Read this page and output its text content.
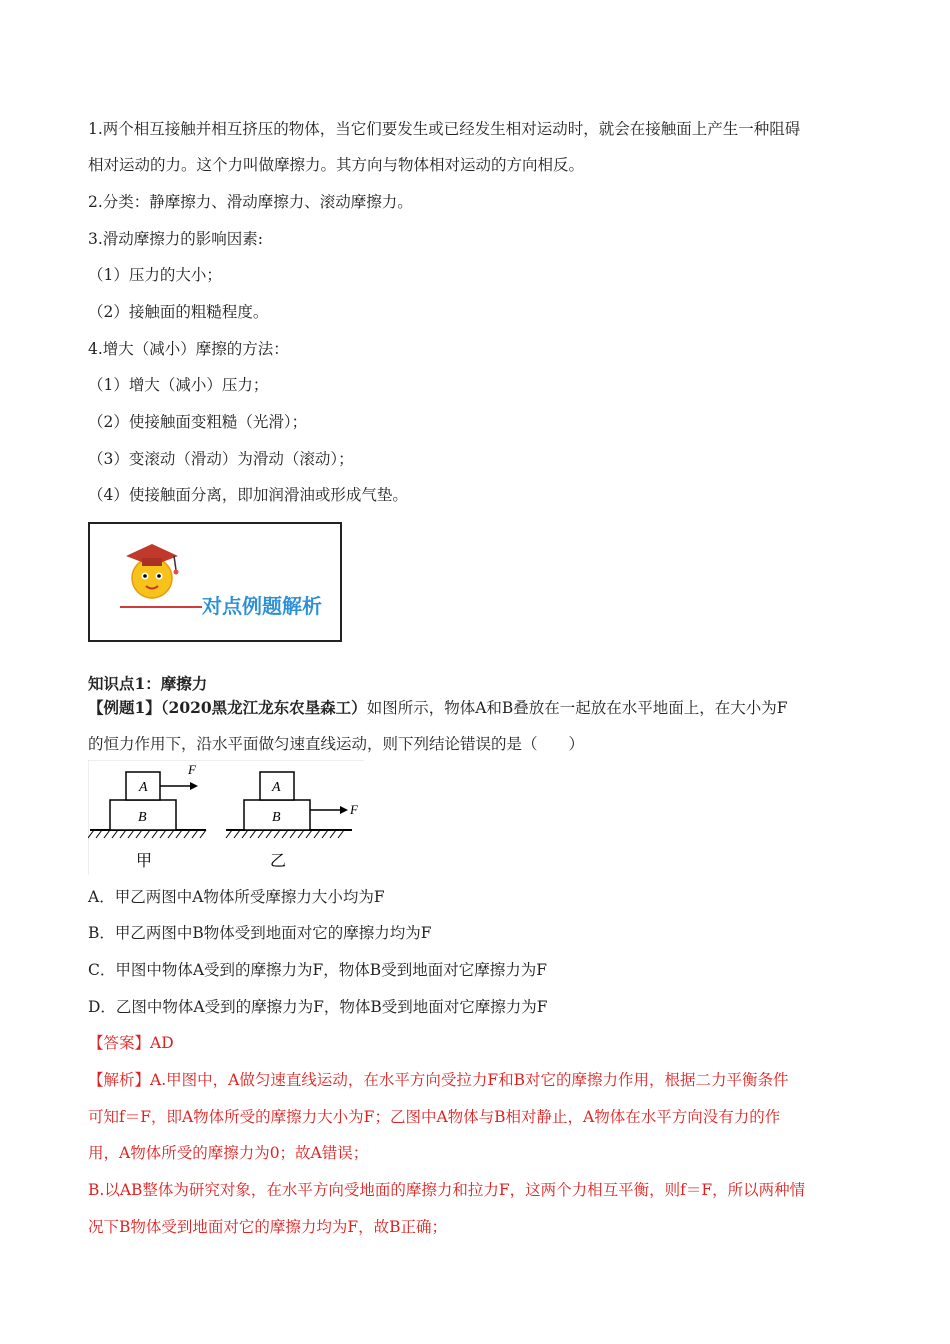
1.两个相互接触并相互挤压的物体，当它们要发生或已经发生相对运动时，就会在接触面上产生一种阻碍
相对运动的力。这个力叫做摩擦力。其方向与物体相对运动的方向相反。
2.分类：静摩擦力、滑动摩擦力、滚动摩擦力。
3.滑动摩擦力的影响因素:
（1）压力的大小；
（2）接触面的粗糙程度。
4.增大（减小）摩擦的方法：
（1）增大（减小）压力；
（2）使接触面变粗糙（光滑）；
（3）变滚动（滑动）为滑动（滚动）；
（4）使接触面分离，即加润滑油或形成气垫。
对点例题解析
知识点1：摩擦力
【例题1】（2020黑龙江龙东农垦森工）如图所示，物体A和B叠放在一起放在水平地面上，在大小为F
的恒力作用下，沿水平面做匀速直线运动，则下列结论错误的是（　　）
A
B
F
甲
A
B
F
乙
A．甲乙两图中A物体所受摩擦力大小均为F
B．甲乙两图中B物体受到地面对它的摩擦力均为F
C．甲图中物体A受到的摩擦力为F，物体B受到地面对它摩擦力为F
D．乙图中物体A受到的摩擦力为F，物体B受到地面对它摩擦力为F
【答案】AD
【解析】A.甲图中，A做匀速直线运动，在水平方向受拉力F和B对它的摩擦力作用，根据二力平衡条件
可知f＝F，即A物体所受的摩擦力大小为F；乙图中A物体与B相对静止，A物体在水平方向没有力的作
用，A物体所受的摩擦力为0；故A错误；
B.以AB整体为研究对象，在水平方向受地面的摩擦力和拉力F，这两个力相互平衡，则f＝F，所以两种情
况下B物体受到地面对它的摩擦力均为F，故B正确；
